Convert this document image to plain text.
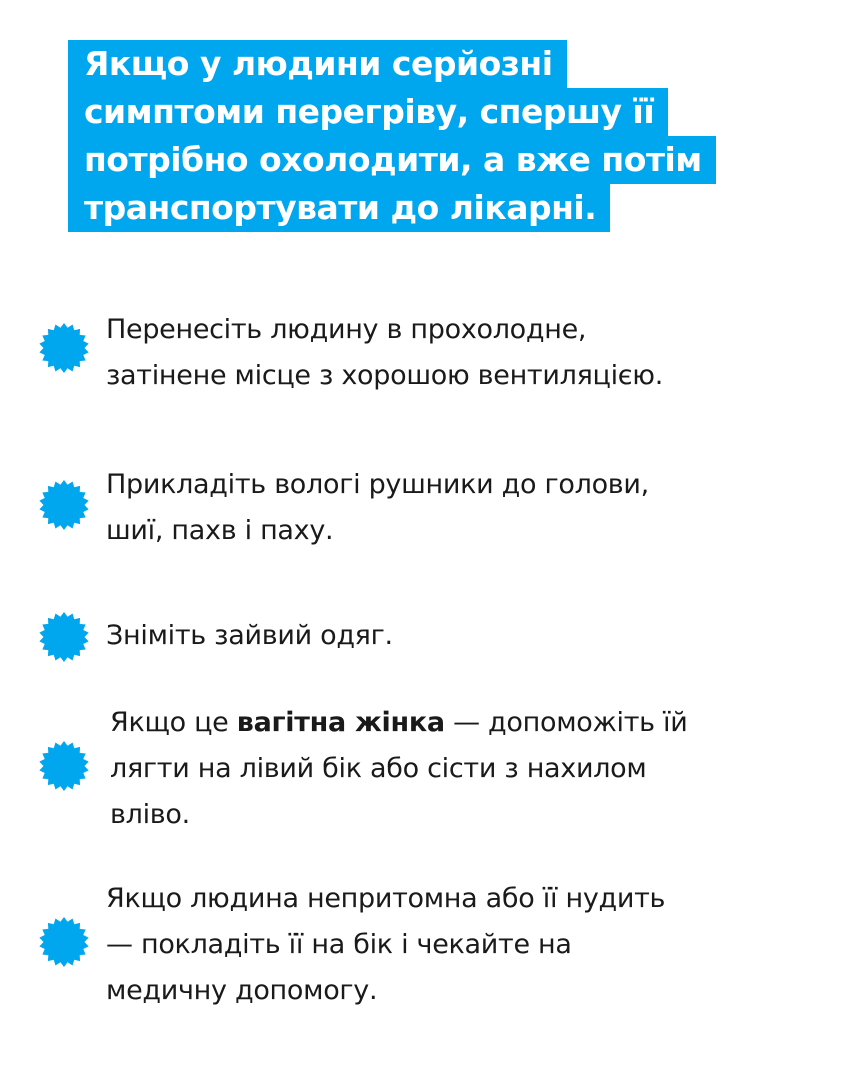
Якщо у людини серйозні
симптоми перегріву, спершу її
потрібно охолодити, а вже потім
транспортувати до лікарні.
Перенесіть людину в прохолодне,
затінене місце з хорошою вентиляцією.
Прикладіть вологі рушники до голови,
шиї, пахв і паху.
Зніміть зайвий одяг.
Якщо це вагітна жінка — допоможіть їй
лягти на лівий бік або сісти з нахилом
вліво.
Якщо людина непритомна або її нудить
— покладіть її на бік і чекайте на
медичну допомогу.
